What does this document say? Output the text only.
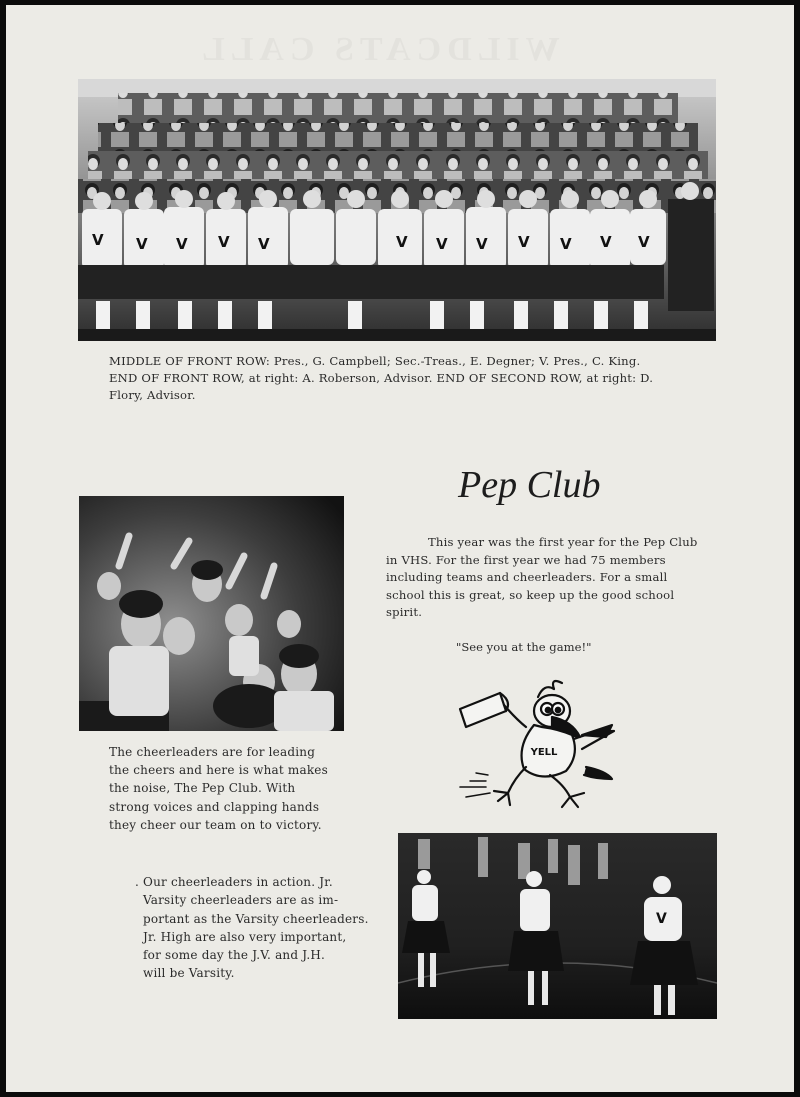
WILDCATS CALL
V V V V V	V V V V V V V
MIDDLE OF FRONT ROW: Pres., G. Campbell; Sec.-Treas., E. Degner; V. Pres., C. King.
END OF FRONT ROW, at right: A. Roberson, Advisor. END OF SECOND ROW, at right: D.
Flory, Advisor.
Pep Club
This year was the first year for the Pep Club
in VHS. For the first year we had 75 members
including teams and cheerleaders. For a small
school this is great, so keep up the good school
spirit.
"See you at the game!"
YELL
The cheerleaders are for leading
the cheers and here is what makes
the noise, The Pep Club. With
strong voices and clapping hands
they cheer our team on to victory.
V
. Our cheerleaders in action. Jr.
Varsity cheerleaders are as im-
portant as the Varsity cheerleaders.
Jr. High are also very important,
for some day the J.V. and J.H.
will be Varsity.
